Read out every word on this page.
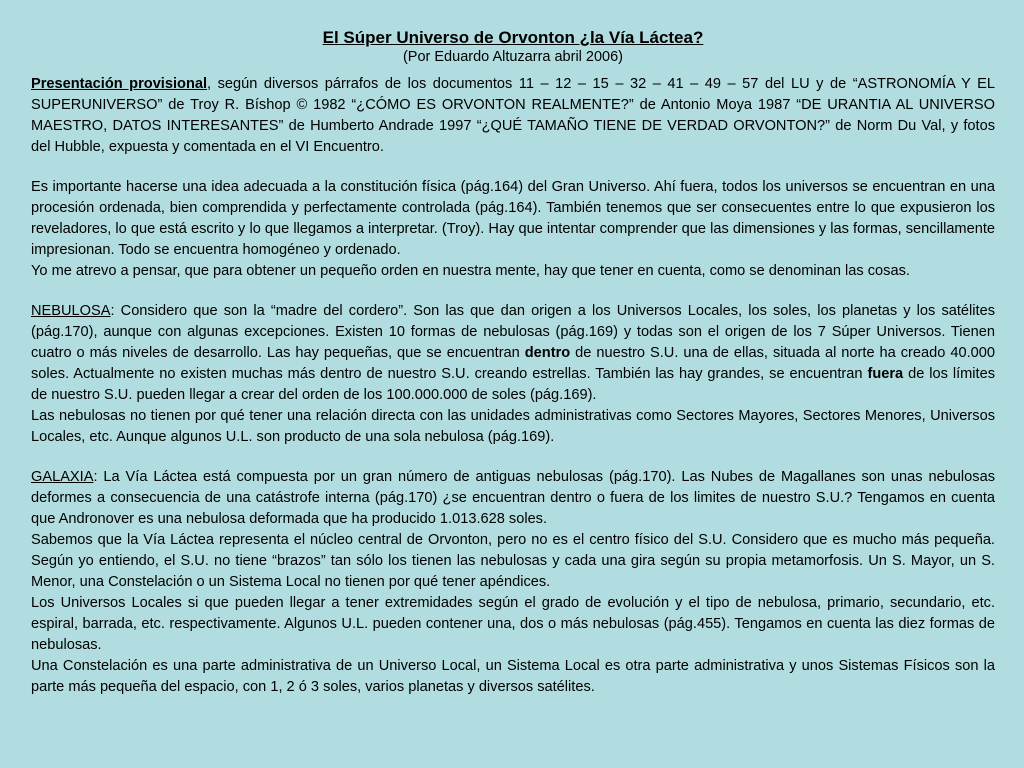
El Súper Universo de Orvonton ¿la Vía Láctea?

(Por Eduardo Altuzarra abril 2006)

Presentación provisional, según diversos párrafos de los documentos 11 – 12 – 15 – 32 – 41 – 49 – 57 del LU y de “ASTRONOMÍA Y EL SUPERUNIVERSO” de Troy R. Bíshop © 1982 “¿CÓMO ES ORVONTON REALMENTE?” de Antonio Moya 1987 “DE URANTIA AL UNIVERSO MAESTRO, DATOS INTERESANTES” de Humberto Andrade 1997 “¿QUÉ TAMAÑO TIENE DE VERDAD ORVONTON?” de Norm Du Val, y fotos del Hubble, expuesta y comentada en el VI Encuentro.

Es importante hacerse una idea adecuada a la constitución física (pág.164) del Gran Universo. Ahí fuera, todos los universos se encuentran en una procesión ordenada, bien comprendida y perfectamente controlada (pág.164). También tenemos que ser consecuentes entre lo que expusieron los reveladores, lo que está escrito y lo que llegamos a interpretar. (Troy). Hay que intentar comprender que las dimensiones y las formas, sencillamente impresionan. Todo se encuentra homogéneo y ordenado.

Yo me atrevo a pensar, que para obtener un pequeño orden en nuestra mente, hay que tener en cuenta, como se denominan las cosas.

NEBULOSA: Considero que son la “madre del cordero”. Son las que dan origen a los Universos Locales, los soles, los planetas y los satélites (pág.170), aunque con algunas excepciones. Existen 10 formas de nebulosas (pág.169) y todas son el origen de los 7 Súper Universos. Tienen cuatro o más niveles de desarrollo. Las hay pequeñas, que se encuentran dentro de nuestro S.U. una de ellas, situada al norte ha creado 40.000 soles. Actualmente no existen muchas más dentro de nuestro S.U. creando estrellas. También las hay grandes, se encuentran fuera de los límites de nuestro S.U. pueden llegar a crear del orden de los 100.000.000 de soles (pág.169).

Las nebulosas no tienen por qué tener una relación directa con las unidades administrativas como Sectores Mayores, Sectores Menores, Universos Locales, etc. Aunque algunos U.L. son producto de una sola nebulosa (pág.169).

GALAXIA: La Vía Láctea está compuesta por un gran número de antiguas nebulosas (pág.170). Las Nubes de Magallanes son unas nebulosas deformes a consecuencia de una catástrofe interna (pág.170) ¿se encuentran dentro o fuera de los limites de nuestro S.U.? Tengamos en cuenta que Andronover es una nebulosa deformada que ha producido 1.013.628 soles.

Sabemos que la Vía Láctea representa el núcleo central de Orvonton, pero no es el centro físico del S.U. Considero que es mucho más pequeña. Según yo entiendo, el S.U. no tiene “brazos” tan sólo los tienen las nebulosas y cada una gira según su propia metamorfosis. Un S. Mayor, un S. Menor, una Constelación o un Sistema Local no tienen por qué tener apéndices.

Los Universos Locales si que pueden llegar a tener extremidades según el grado de evolución y el tipo de nebulosa, primario, secundario, etc. espiral, barrada, etc. respectivamente. Algunos U.L. pueden contener una, dos o más nebulosas (pág.455). Tengamos en cuenta las diez formas de nebulosas.

Una Constelación es una parte administrativa de un Universo Local, un Sistema Local es otra parte administrativa y unos Sistemas Físicos son la parte más pequeña del espacio, con 1, 2 ó 3 soles, varios planetas y diversos satélites.
